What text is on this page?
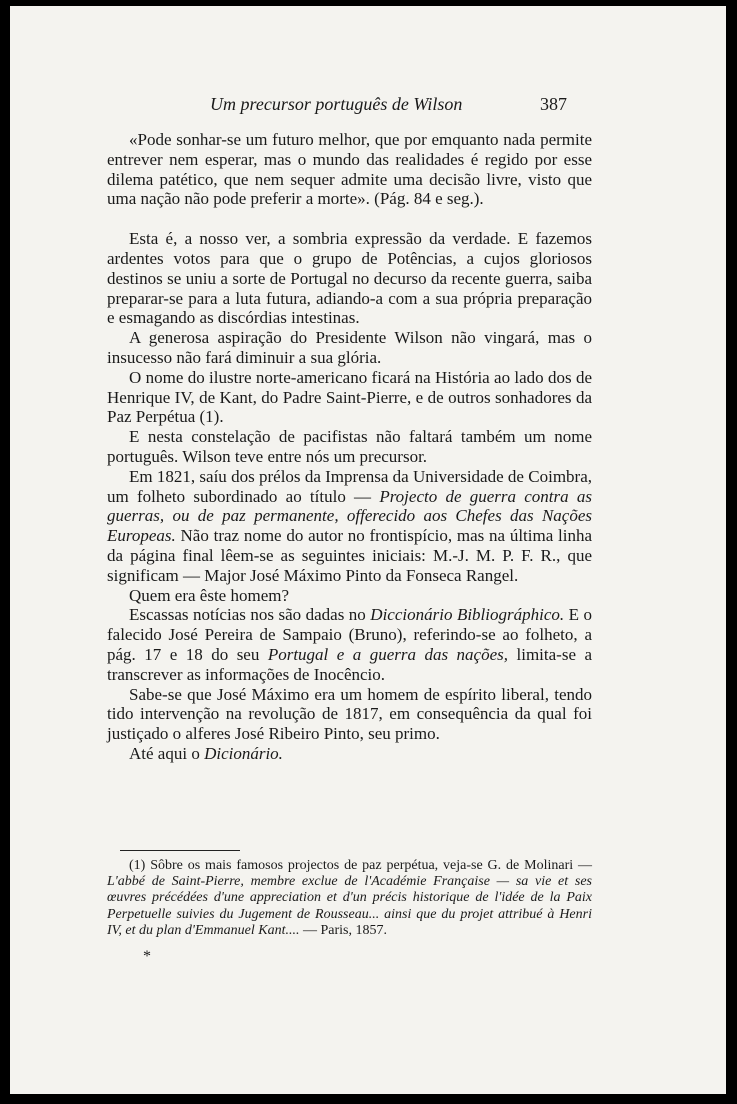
Um precursor português de Wilson	387

«Pode sonhar-se um futuro melhor, que por emquanto nada permite entrever nem esperar, mas o mundo das realidades é regido por esse dilema patético, que nem sequer admite uma decisão livre, visto que uma nação não pode preferir a morte». (Pág. 84 e seg.).

Esta é, a nosso ver, a sombria expressão da verdade. E fazemos ardentes votos para que o grupo de Potências, a cujos gloriosos destinos se uniu a sorte de Portugal no decurso da recente guerra, saiba preparar-se para a luta futura, adiando-a com a sua própria preparação e esmagando as discórdias intestinas.

A generosa aspiração do Presidente Wilson não vingará, mas o insucesso não fará diminuir a sua glória.

O nome do ilustre norte-americano ficará na História ao lado dos de Henrique IV, de Kant, do Padre Saint-Pierre, e de outros sonhadores da Paz Perpétua (1).

E nesta constelação de pacifistas não faltará também um nome português. Wilson teve entre nós um precursor.

Em 1821, saíu dos prélos da Imprensa da Universidade de Coimbra, um folheto subordinado ao título — Projecto de guerra contra as guerras, ou de paz permanente, offerecido aos Chefes das Nações Europeas. Não traz nome do autor no frontispício, mas na última linha da página final lêem-se as seguintes iniciais: M.-J. M. P. F. R., que significam — Major José Máximo Pinto da Fonseca Rangel.

Quem era êste homem?

Escassas notícias nos são dadas no Diccionário Bibliográphico. E o falecido José Pereira de Sampaio (Bruno), referindo-se ao folheto, a pág. 17 e 18 do seu Portugal e a guerra das nações, limita-se a transcrever as informações de Inocêncio.

Sabe-se que José Máximo era um homem de espírito liberal, tendo tido intervenção na revolução de 1817, em consequência da qual foi justiçado o alferes José Ribeiro Pinto, seu primo.

Até aqui o Dicionário.

(1) Sôbre os mais famosos projectos de paz perpétua, veja-se G. de Molinari — L'abbé de Saint-Pierre, membre exclue de l'Académie Française — sa vie et ses œuvres précédées d'une appreciation et d'un précis historique de l'idée de la Paix Perpetuelle suivies du Jugement de Rousseau... ainsi que du projet attribué à Henri IV, et du plan d'Emmanuel Kant.... — Paris, 1857.

*
